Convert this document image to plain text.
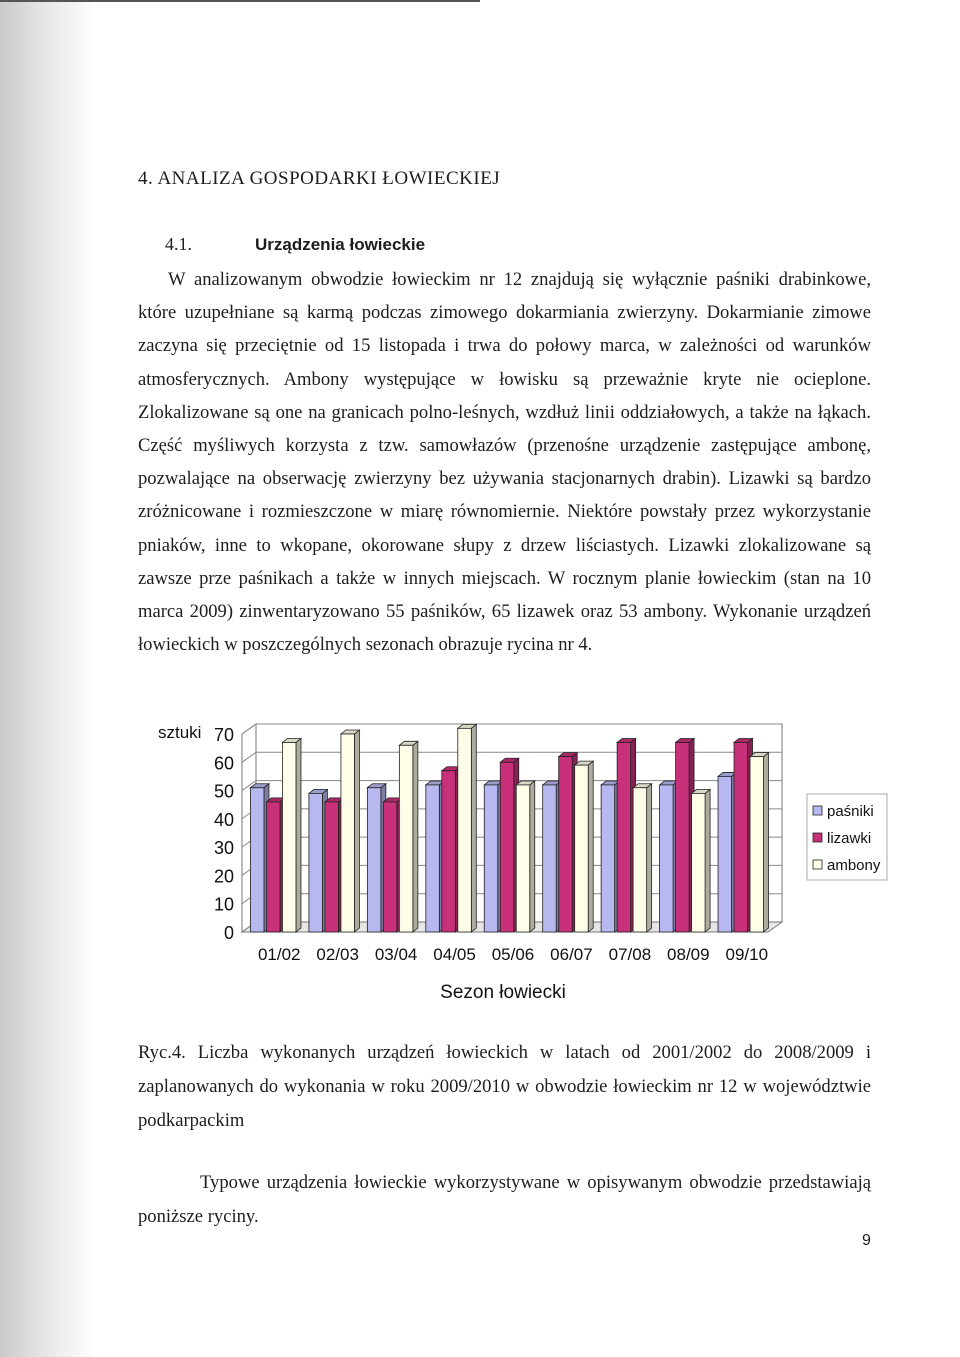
4. ANALIZA GOSPODARKI ŁOWIECKIEJ
4.1.	Urządzenia łowieckie

W analizowanym obwodzie łowieckim nr 12 znajdują się wyłącznie paśniki drabinkowe, które uzupełniane są karmą podczas zimowego dokarmiania zwierzyny. Dokarmianie zimowe zaczyna się przeciętnie od 15 listopada i trwa do połowy marca, w zależności od warunków atmosferycznych. Ambony występujące w łowisku są przeważnie kryte nie ocieplone. Zlokalizowane są one na granicach polno-leśnych, wzdłuż linii oddziałowych, a także na łąkach. Część myśliwych korzysta z tzw. samowłazów (przenośne urządzenie zastępujące ambonę, pozwalające na obserwację zwierzyny bez używania stacjonarnych drabin). Lizawki są bardzo zróżnicowane i rozmieszczone w miarę równomiernie. Niektóre powstały przez wykorzystanie pniaków, inne to wkopane, okorowane słupy z drzew liściastych. Lizawki zlokalizowane są zawsze prze paśnikach a także w innych miejscach. W rocznym planie łowieckim (stan na 10 marca 2009) zinwentaryzowano 55 paśników, 65 lizawek oraz 53 ambony. Wykonanie urządzeń łowieckich w poszczególnych sezonach obrazuje rycina nr 4.

0
10
20
30
40
50
60
70
01/02 02/03 03/04 04/05 05/06 06/07 07/08 08/09 09/10
sztuki
Sezon łowiecki
paśniki
lizawki
ambony

Ryc.4. Liczba wykonanych urządzeń łowieckich w latach od 2001/2002 do 2008/2009 i zaplanowanych do wykonania w roku 2009/2010 w obwodzie łowieckim nr 12 w województwie podkarpackim

Typowe urządzenia łowieckie wykorzystywane w opisywanym obwodzie przedstawiają poniższe ryciny.

9
